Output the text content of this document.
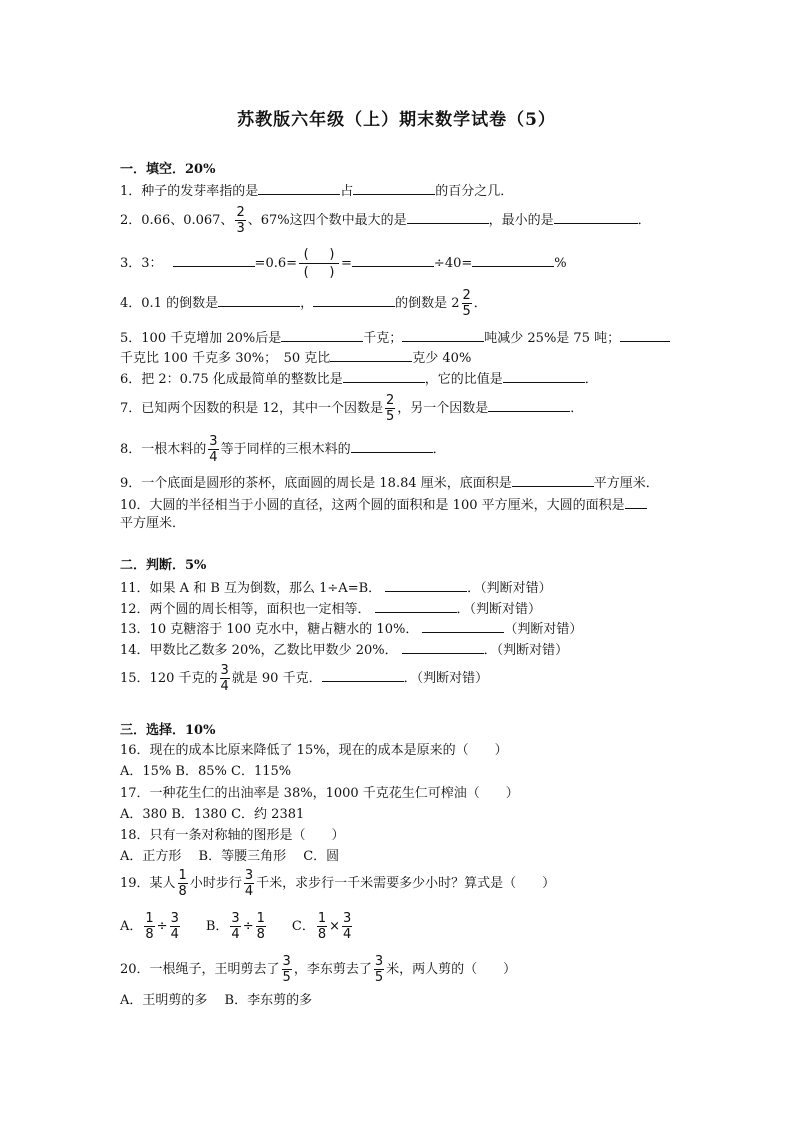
苏教版六年级（上）期末数学试卷（5）
一．填空．20%
1．种子的发芽率指的是	占	的百分之几．
2．0.66、0.067、 $\frac{2}{3}$ 、67%这四个数中最大的是	，最小的是	．
3．3：	=0.6=
( )
( )
=	÷40=	%
4．0.1 的倒数是	，	的倒数是 $2 \frac{2}{5}$ ．
5．100 千克增加 20%后是	千克；	吨减少 25%是 75 吨；
千克比 100 千克多 30%；　50 克比	克少 40%
6．把 2：0.75 化成最简单的整数比是	，它的比值是	．
7．已知两个因数的积是 12，其中一个因数是 $\frac{2}{5}$ ，另一个因数是	．
8．一根木料的 $\frac{3}{4}$ 等于同样的三根木料的	．
9．一个底面是圆形的茶杯，底面圆的周长是 18.84 厘米，底面积是	平方厘米．
10．大圆的半径相当于小圆的直径，这两个圆的面积和是 100 平方厘米，大圆的面积是
平方厘米．
二．判断．5%
11．如果 A 和 B 互为倒数，那么 1÷A=B．	．（判断对错）
12．两个圆的周长相等，面积也一定相等．	．（判断对错）
13．10 克糖溶于 100 克水中，糖占糖水的 10%．	（判断对错）
14．甲数比乙数多 20%，乙数比甲数少 20%．	．（判断对错）
15．120 千克的 $\frac{3}{4}$ 就是 90 千克．	．（判断对错）
三．选择．10%
16．现在的成本比原来降低了 15%，现在的成本是原来的（　　）
A．15% B．85% C．115%
17．一种花生仁的出油率是 38%，1000 千克花生仁可榨油（　　）
A．380 B．1380 C．约 2381
18．只有一条对称轴的图形是（　　）
A．正方形　 B．等腰三角形　 C．圆
19．某人 $\frac{1}{8}$ 小时步行 $\frac{3}{4}$ 千米，求步行一千米需要多少小时？算式是（　　）
A． $\frac{1}{8} \div \frac{3}{4}$ B． $\frac{3}{4} \div \frac{1}{8}$ C． $\frac{1}{8} \times \frac{3}{4}$
20．一根绳子，王明剪去了 $\frac{3}{5}$ ，李东剪去了 $\frac{3}{5}$ 米，两人剪的（　　）
A．王明剪的多　 B．李东剪的多
